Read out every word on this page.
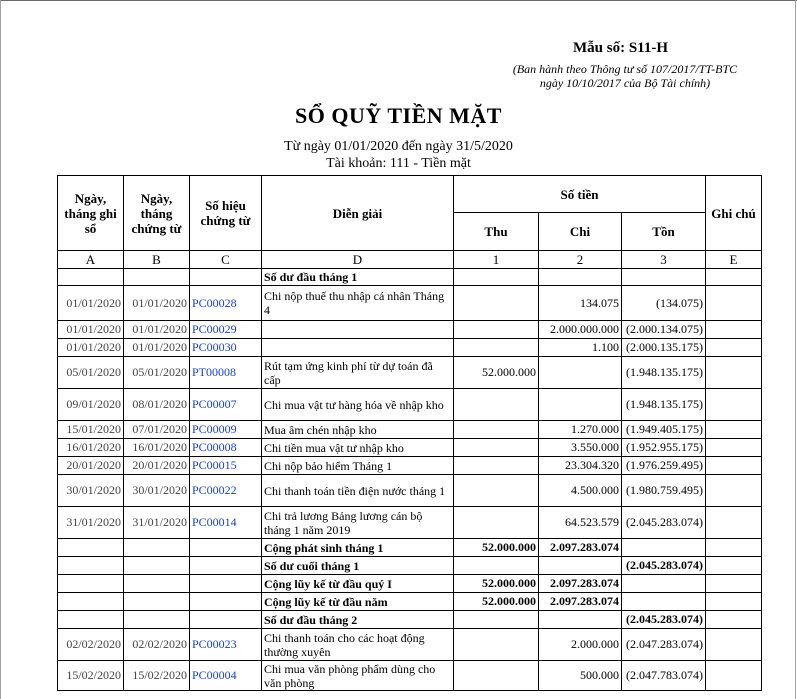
Mẫu số: S11-H
(Ban hành theo Thông tư số 107/2017/TT-BTC
ngày 10/10/2017 của Bộ Tài chính)
SỔ QUỸ TIỀN MẶT
Từ ngày 01/01/2020 đến ngày 31/5/2020
Tài khoản: 111 - Tiền mặt
Ngày, tháng ghi sổ	Ngày, tháng chứng từ	Số hiệu chứng từ	Diễn giải	Số tiền			Ghi chú
				Thu	Chi	Tồn	
A	B	C	D	1	2	3	E
			Số dư đầu tháng 1				
01/01/2020	01/01/2020	PC00028	Chi nộp thuế thu nhập cá nhân Tháng 4		134.075	(134.075)	
01/01/2020	01/01/2020	PC00029			2.000.000.000	(2.000.134.075)	
01/01/2020	01/01/2020	PC00030			1.100	(2.000.135.175)	
05/01/2020	05/01/2020	PT00008	Rút tạm ứng kinh phí từ dự toán đã cấp	52.000.000		(1.948.135.175)	
09/01/2020	08/01/2020	PC00007	Chi mua vật tư hàng hóa về nhập kho			(1.948.135.175)	
15/01/2020	07/01/2020	PC00009	Mua âm chén nhập kho		1.270.000	(1.949.405.175)	
16/01/2020	16/01/2020	PC00008	Chi tiền mua vật tư nhập kho		3.550.000	(1.952.955.175)	
20/01/2020	20/01/2020	PC00015	Chi nộp bảo hiểm Tháng 1		23.304.320	(1.976.259.495)	
30/01/2020	30/01/2020	PC00022	Chi thanh toán tiền điện nước tháng 1		4.500.000	(1.980.759.495)	
31/01/2020	31/01/2020	PC00014	Chi trả lương Bảng lương cán bộ tháng 1 năm 2019		64.523.579	(2.045.283.074)	
			Cộng phát sinh tháng 1	52.000.000	2.097.283.074		
			Số dư cuối tháng 1			(2.045.283.074)	
			Cộng lũy kế từ đầu quý I	52.000.000	2.097.283.074		
			Cộng lũy kế từ đầu năm	52.000.000	2.097.283.074		
			Số dư đầu tháng 2			(2.045.283.074)	
02/02/2020	02/02/2020	PC00023	Chi thanh toán cho các hoạt động thường xuyên		2.000.000	(2.047.283.074)	
15/02/2020	15/02/2020	PC00004	Chi mua văn phòng phẩm dùng cho văn phòng		500.000	(2.047.783.074)	
